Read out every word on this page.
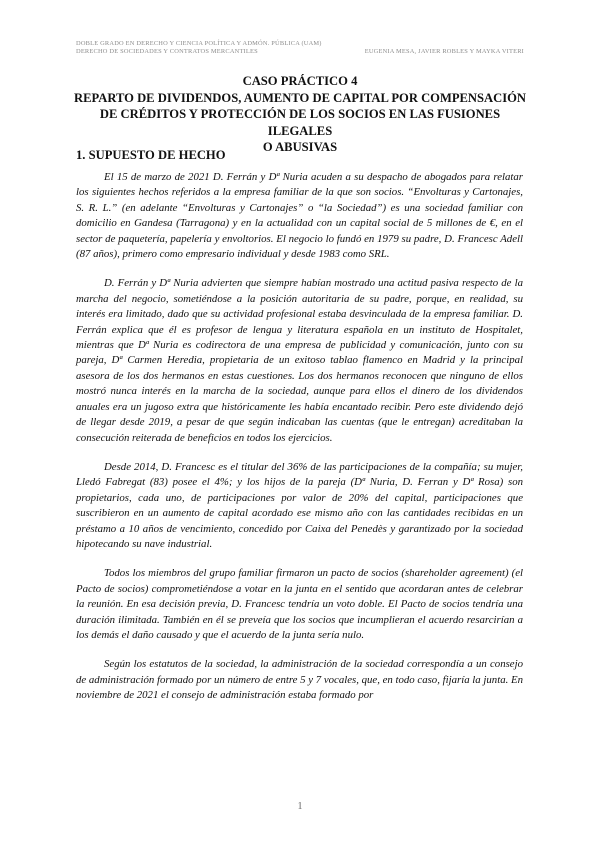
DOBLE GRADO EN DERECHO Y CIENCIA POLÍTICA Y ADMÓN. PÚBLICA (UAM)
DERECHO DE SOCIEDADES Y CONTRATOS MERCANTILES	EUGENIA MESA, JAVIER ROBLES Y MAYKA VITERI
CASO PRÁCTICO 4
REPARTO DE DIVIDENDOS, AUMENTO DE CAPITAL POR COMPENSACIÓN
DE CRÉDITOS Y PROTECCIÓN DE LOS SOCIOS EN LAS FUSIONES ILEGALES
O ABUSIVAS
1. SUPUESTO DE HECHO

El 15 de marzo de 2021 D. Ferrán y Dª Nuria acuden a su despacho de abogados para relatar los siguientes hechos referidos a la empresa familiar de la que son socios. “Envolturas y Cartonajes, S. R. L.” (en adelante “Envolturas y Cartonajes” o “la Sociedad”) es una sociedad familiar con domicilio en Gandesa (Tarragona) y en la actualidad con un capital social de 5 millones de €, en el sector de paquetería, papelería y envoltorios. El negocio lo fundó en 1979 su padre, D. Francesc Adell (87 años), primero como empresario individual y desde 1983 como SRL.

D. Ferrán y Dª Nuria advierten que siempre habían mostrado una actitud pasiva respecto de la marcha del negocio, sometiéndose a la posición autoritaria de su padre, porque, en realidad, su interés era limitado, dado que su actividad profesional estaba desvinculada de la empresa familiar. D. Ferrán explica que él es profesor de lengua y literatura española en un instituto de Hospitalet, mientras que Dª Nuria es codirectora de una empresa de publicidad y comunicación, junto con su pareja, Dª Carmen Heredia, propietaria de un exitoso tablao flamenco en Madrid y la principal asesora de los dos hermanos en estas cuestiones. Los dos hermanos reconocen que ninguno de ellos mostró nunca interés en la marcha de la sociedad, aunque para ellos el dinero de los dividendos anuales era un jugoso extra que históricamente les había encantado recibir. Pero este dividendo dejó de llegar desde 2019, a pesar de que según indicaban las cuentas (que le entregan) acreditaban la consecución reiterada de beneficios en todos los ejercicios.

Desde 2014, D. Francesc es el titular del 36% de las participaciones de la compañía; su mujer, Lledó Fabregat (83) posee el 4%; y los hijos de la pareja (Dª Nuria, D. Ferran y Dª Rosa) son propietarios, cada uno, de participaciones por valor de 20% del capital, participaciones que suscribieron en un aumento de capital acordado ese mismo año con las cantidades recibidas en un préstamo a 10 años de vencimiento, concedido por Caixa del Penedès y garantizado por la sociedad hipotecando su nave industrial.

Todos los miembros del grupo familiar firmaron un pacto de socios (shareholder agreement) (el Pacto de socios) comprometiéndose a votar en la junta en el sentido que acordaran antes de celebrar la reunión. En esa decisión previa, D. Francesc tendría un voto doble. El Pacto de socios tendría una duración ilimitada. También en él se preveía que los socios que incumplieran el acuerdo resarcirían a los demás el daño causado y que el acuerdo de la junta sería nulo.

Según los estatutos de la sociedad, la administración de la sociedad correspondía a un consejo de administración formado por un número de entre 5 y 7 vocales, que, en todo caso, fijaría la junta. En noviembre de 2021 el consejo de administración estaba formado por

1
